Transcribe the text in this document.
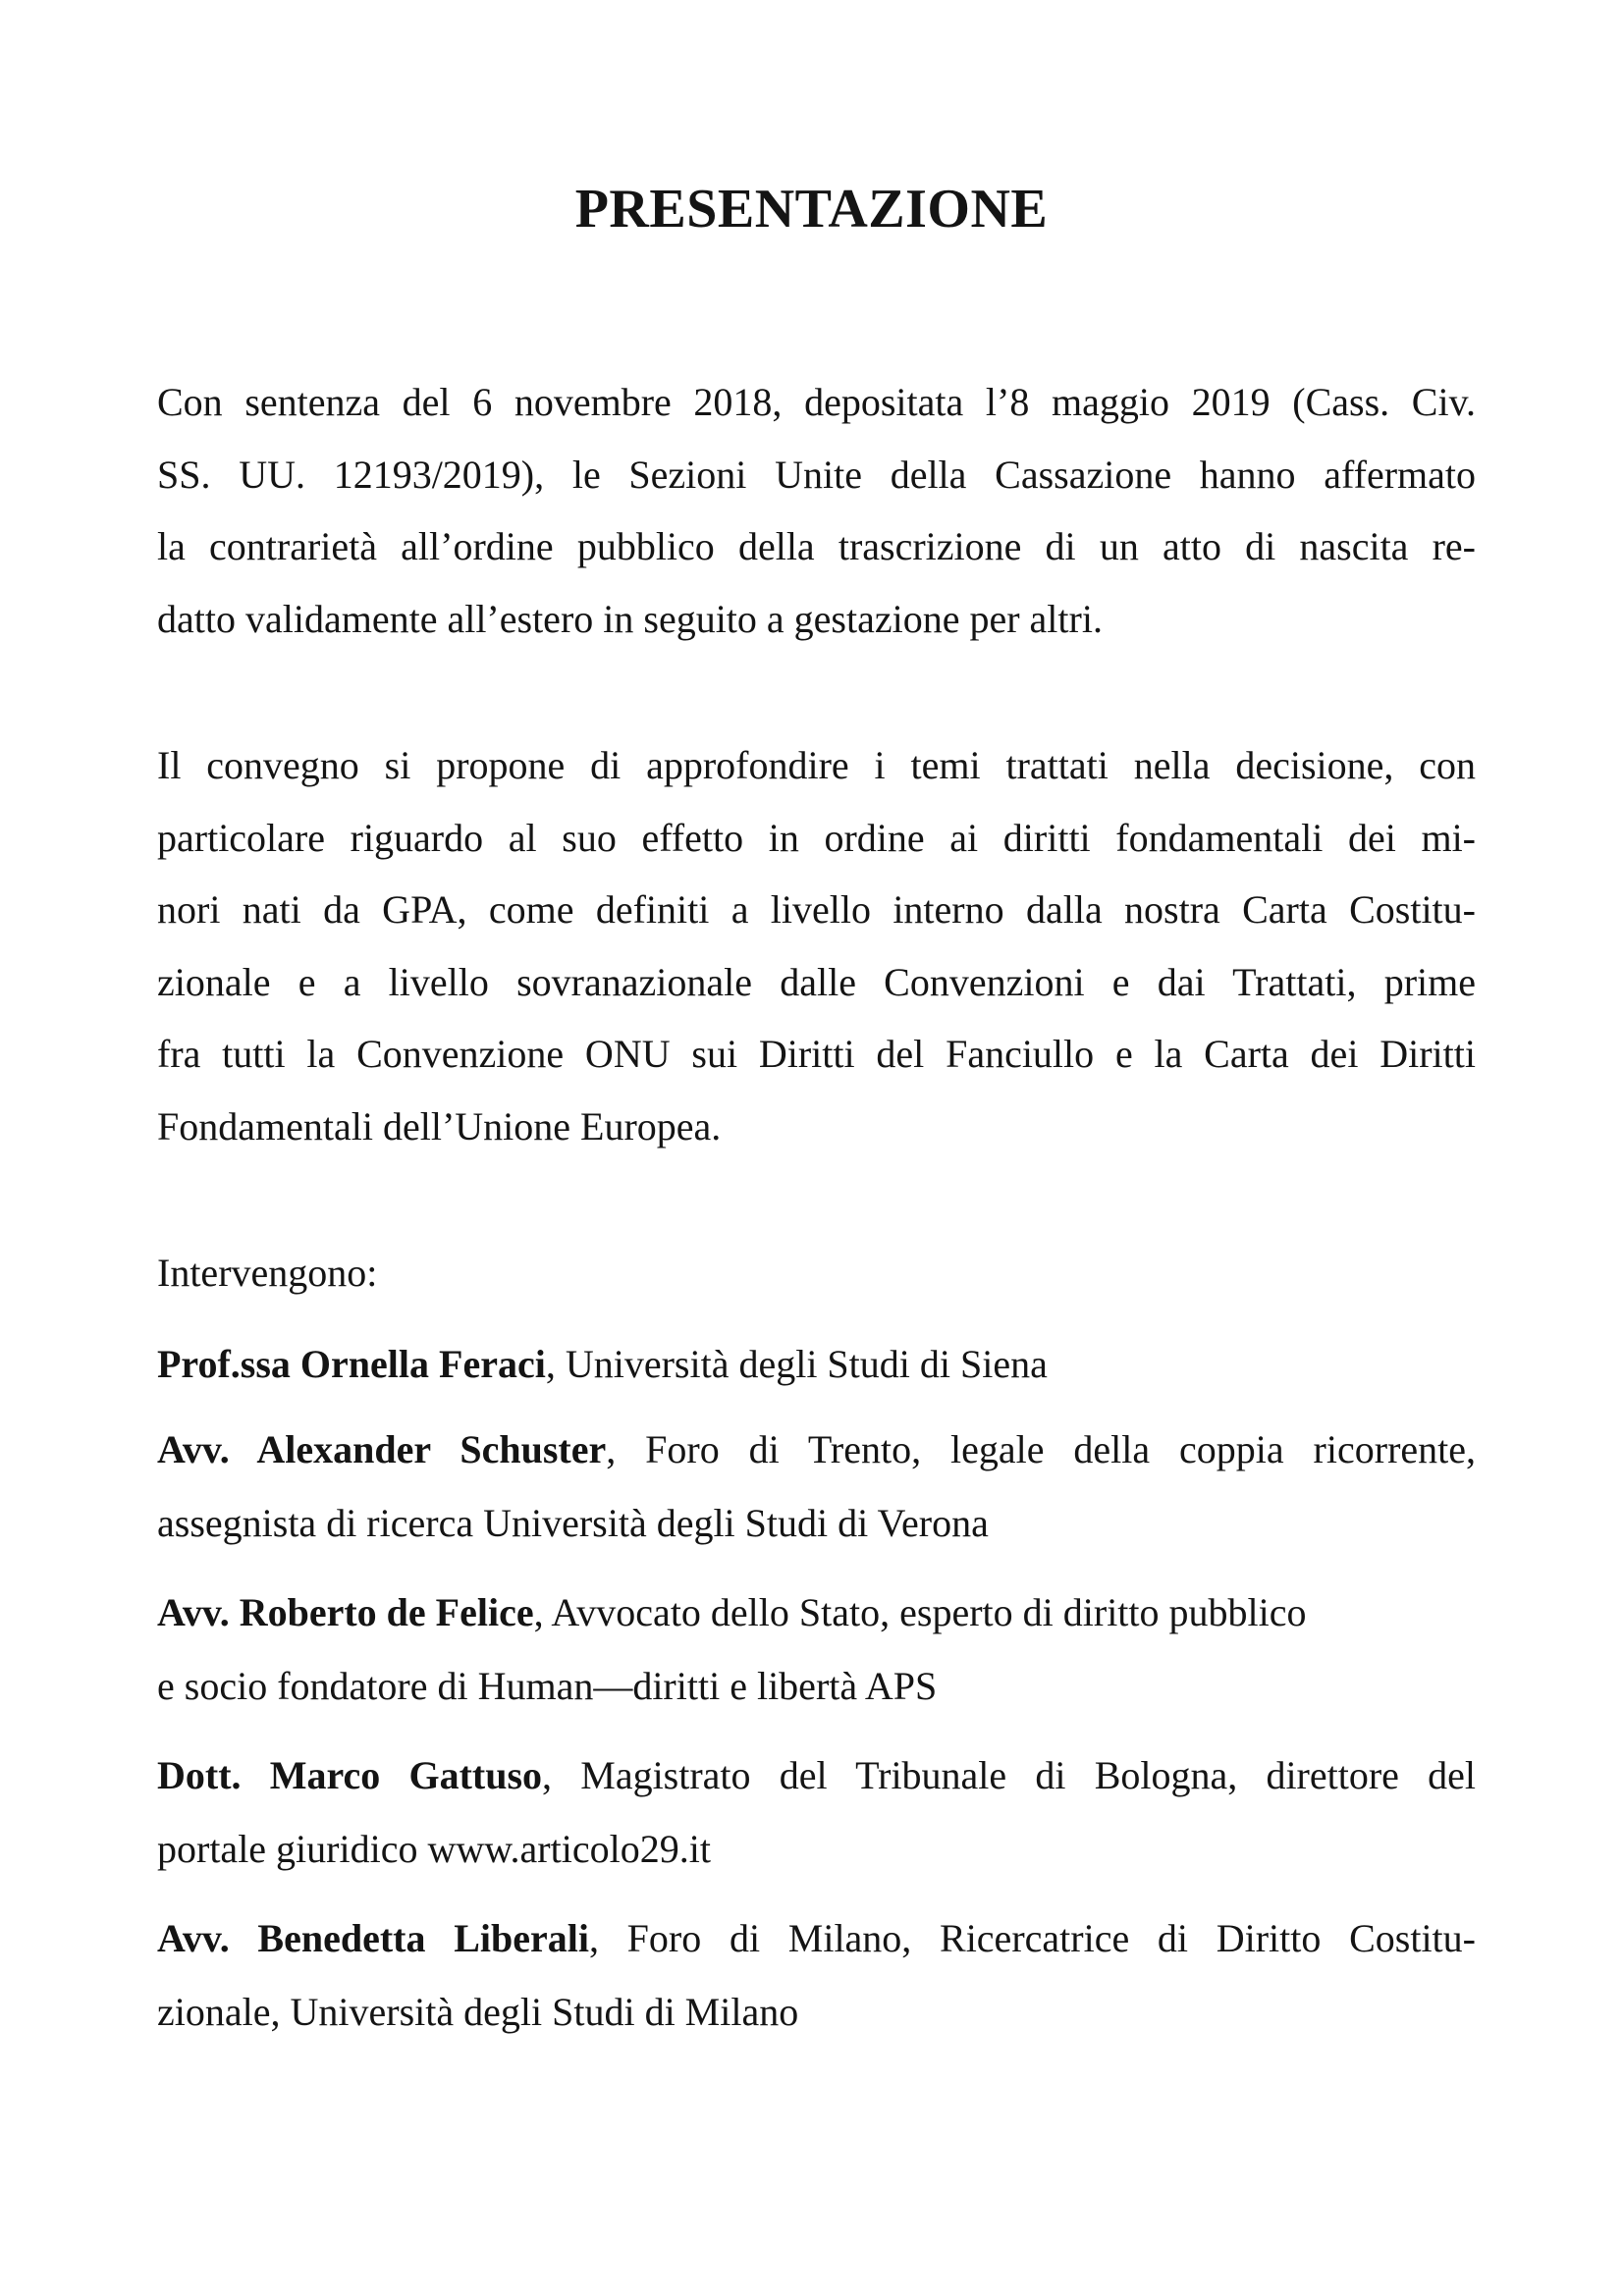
PRESENTAZIONE

Con sentenza del 6 novembre 2018, depositata l’8 maggio 2019 (Cass. Civ.
SS. UU. 12193/2019), le Sezioni Unite della Cassazione hanno affermato
la contrarietà all’ordine pubblico della trascrizione di un atto di nascita re-
datto validamente all’estero in seguito a gestazione per altri.

Il convegno si propone di approfondire i temi trattati nella decisione, con
particolare riguardo al suo effetto in ordine ai diritti fondamentali dei mi-
nori nati da GPA, come definiti a livello interno dalla nostra Carta Costitu-
zionale e a livello sovranazionale dalle Convenzioni e dai Trattati, prime
fra tutti la Convenzione ONU sui Diritti del Fanciullo e la Carta dei Diritti
Fondamentali dell’Unione Europea.

Intervengono:

Prof.ssa Ornella Feraci, Università degli Studi di Siena
Avv. Alexander Schuster, Foro di Trento, legale della coppia ricorrente,
assegnista di ricerca Università degli Studi di Verona
Avv. Roberto de Felice, Avvocato dello Stato, esperto di diritto pubblico
e socio fondatore di Human—diritti e libertà APS
Dott. Marco Gattuso, Magistrato del Tribunale di Bologna, direttore del
portale giuridico www.articolo29.it
Avv. Benedetta Liberali, Foro di Milano, Ricercatrice di Diritto Costitu-
zionale, Università degli Studi di Milano
